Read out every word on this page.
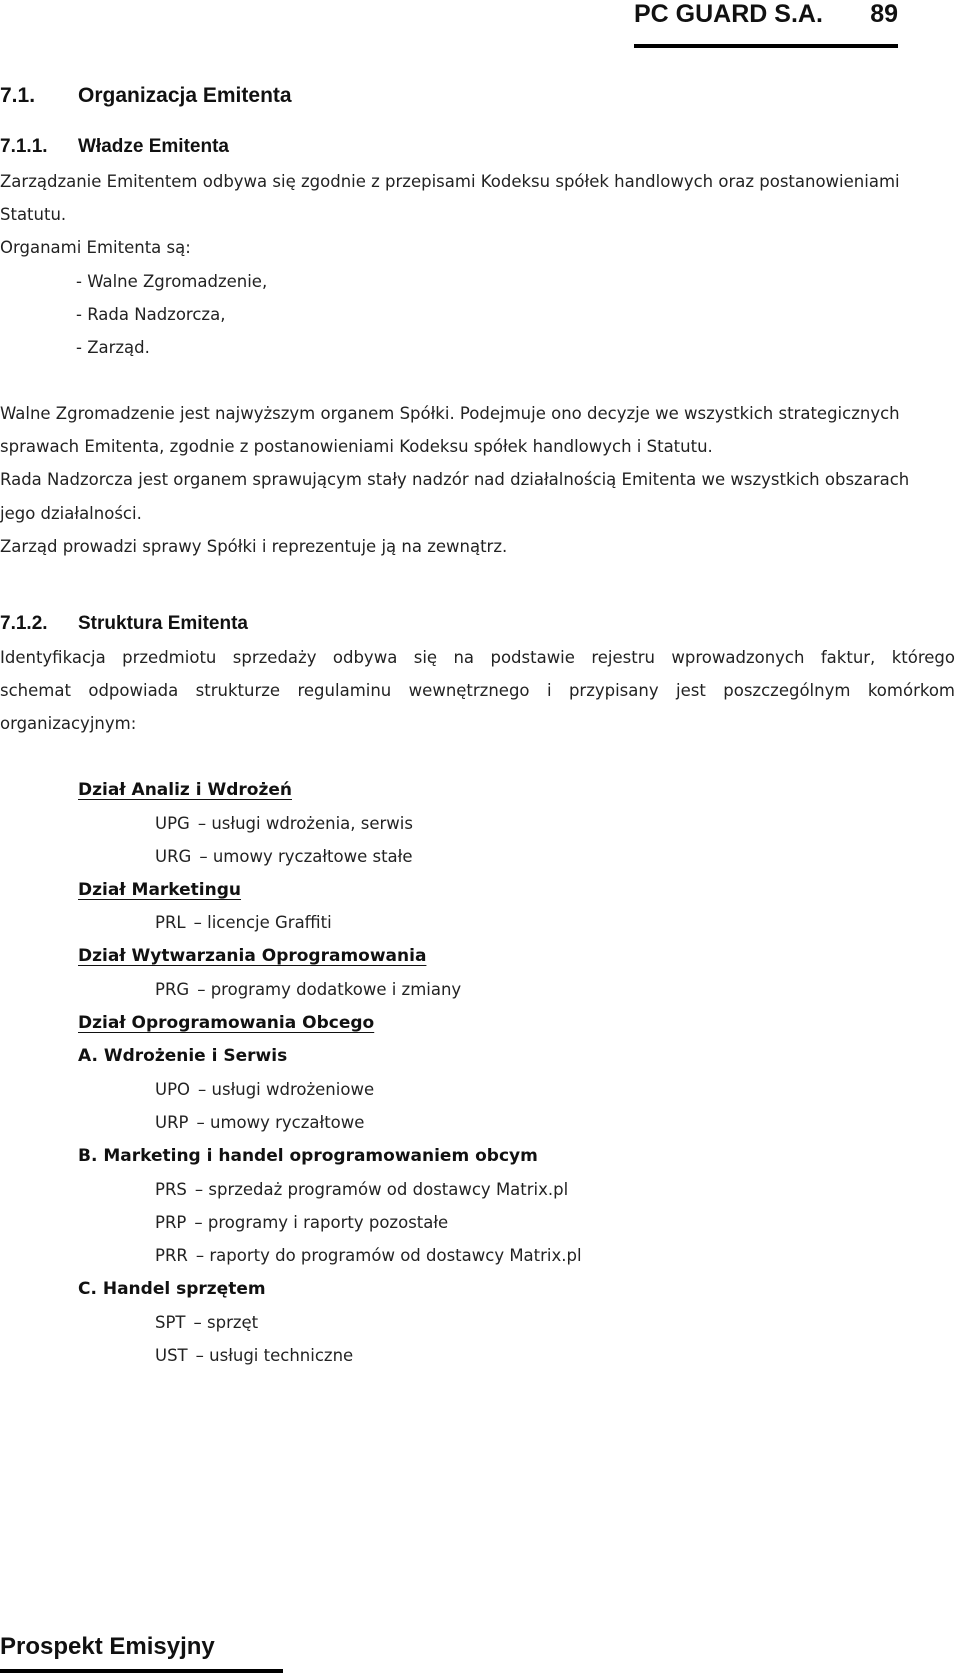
PC GUARD S.A. 89
7.1. Organizacja Emitenta
7.1.1. Władze Emitenta
Zarządzanie Emitentem odbywa się zgodnie z przepisami Kodeksu spółek handlowych oraz postanowieniami
Statutu.
Organami Emitenta są:
- Walne Zgromadzenie,
- Rada Nadzorcza,
- Zarząd.
Walne Zgromadzenie jest najwyższym organem Spółki. Podejmuje ono decyzje we wszystkich strategicznych
sprawach Emitenta, zgodnie z postanowieniami Kodeksu spółek handlowych i Statutu.
Rada Nadzorcza jest organem sprawującym stały nadzór nad działalnością Emitenta we wszystkich obszarach
jego działalności.
Zarząd prowadzi sprawy Spółki i reprezentuje ją na zewnątrz.
7.1.2. Struktura Emitenta
Identyfikacja przedmiotu sprzedaży odbywa się na podstawie rejestru wprowadzonych faktur, którego
schemat odpowiada strukturze regulaminu wewnętrznego i przypisany jest poszczególnym komórkom
organizacyjnym:
Dział Analiz i Wdrożeń
UPG – usługi wdrożenia, serwis
URG – umowy ryczałtowe stałe
Dział Marketingu
PRL – licencje Graffiti
Dział Wytwarzania Oprogramowania
PRG – programy dodatkowe i zmiany
Dział Oprogramowania Obcego
A. Wdrożenie i Serwis
UPO – usługi wdrożeniowe
URP – umowy ryczałtowe
B. Marketing i handel oprogramowaniem obcym
PRS – sprzedaż programów od dostawcy Matrix.pl
PRP – programy i raporty pozostałe
PRR – raporty do programów od dostawcy Matrix.pl
C. Handel sprzętem
SPT – sprzęt
UST – usługi techniczne
Prospekt Emisyjny
